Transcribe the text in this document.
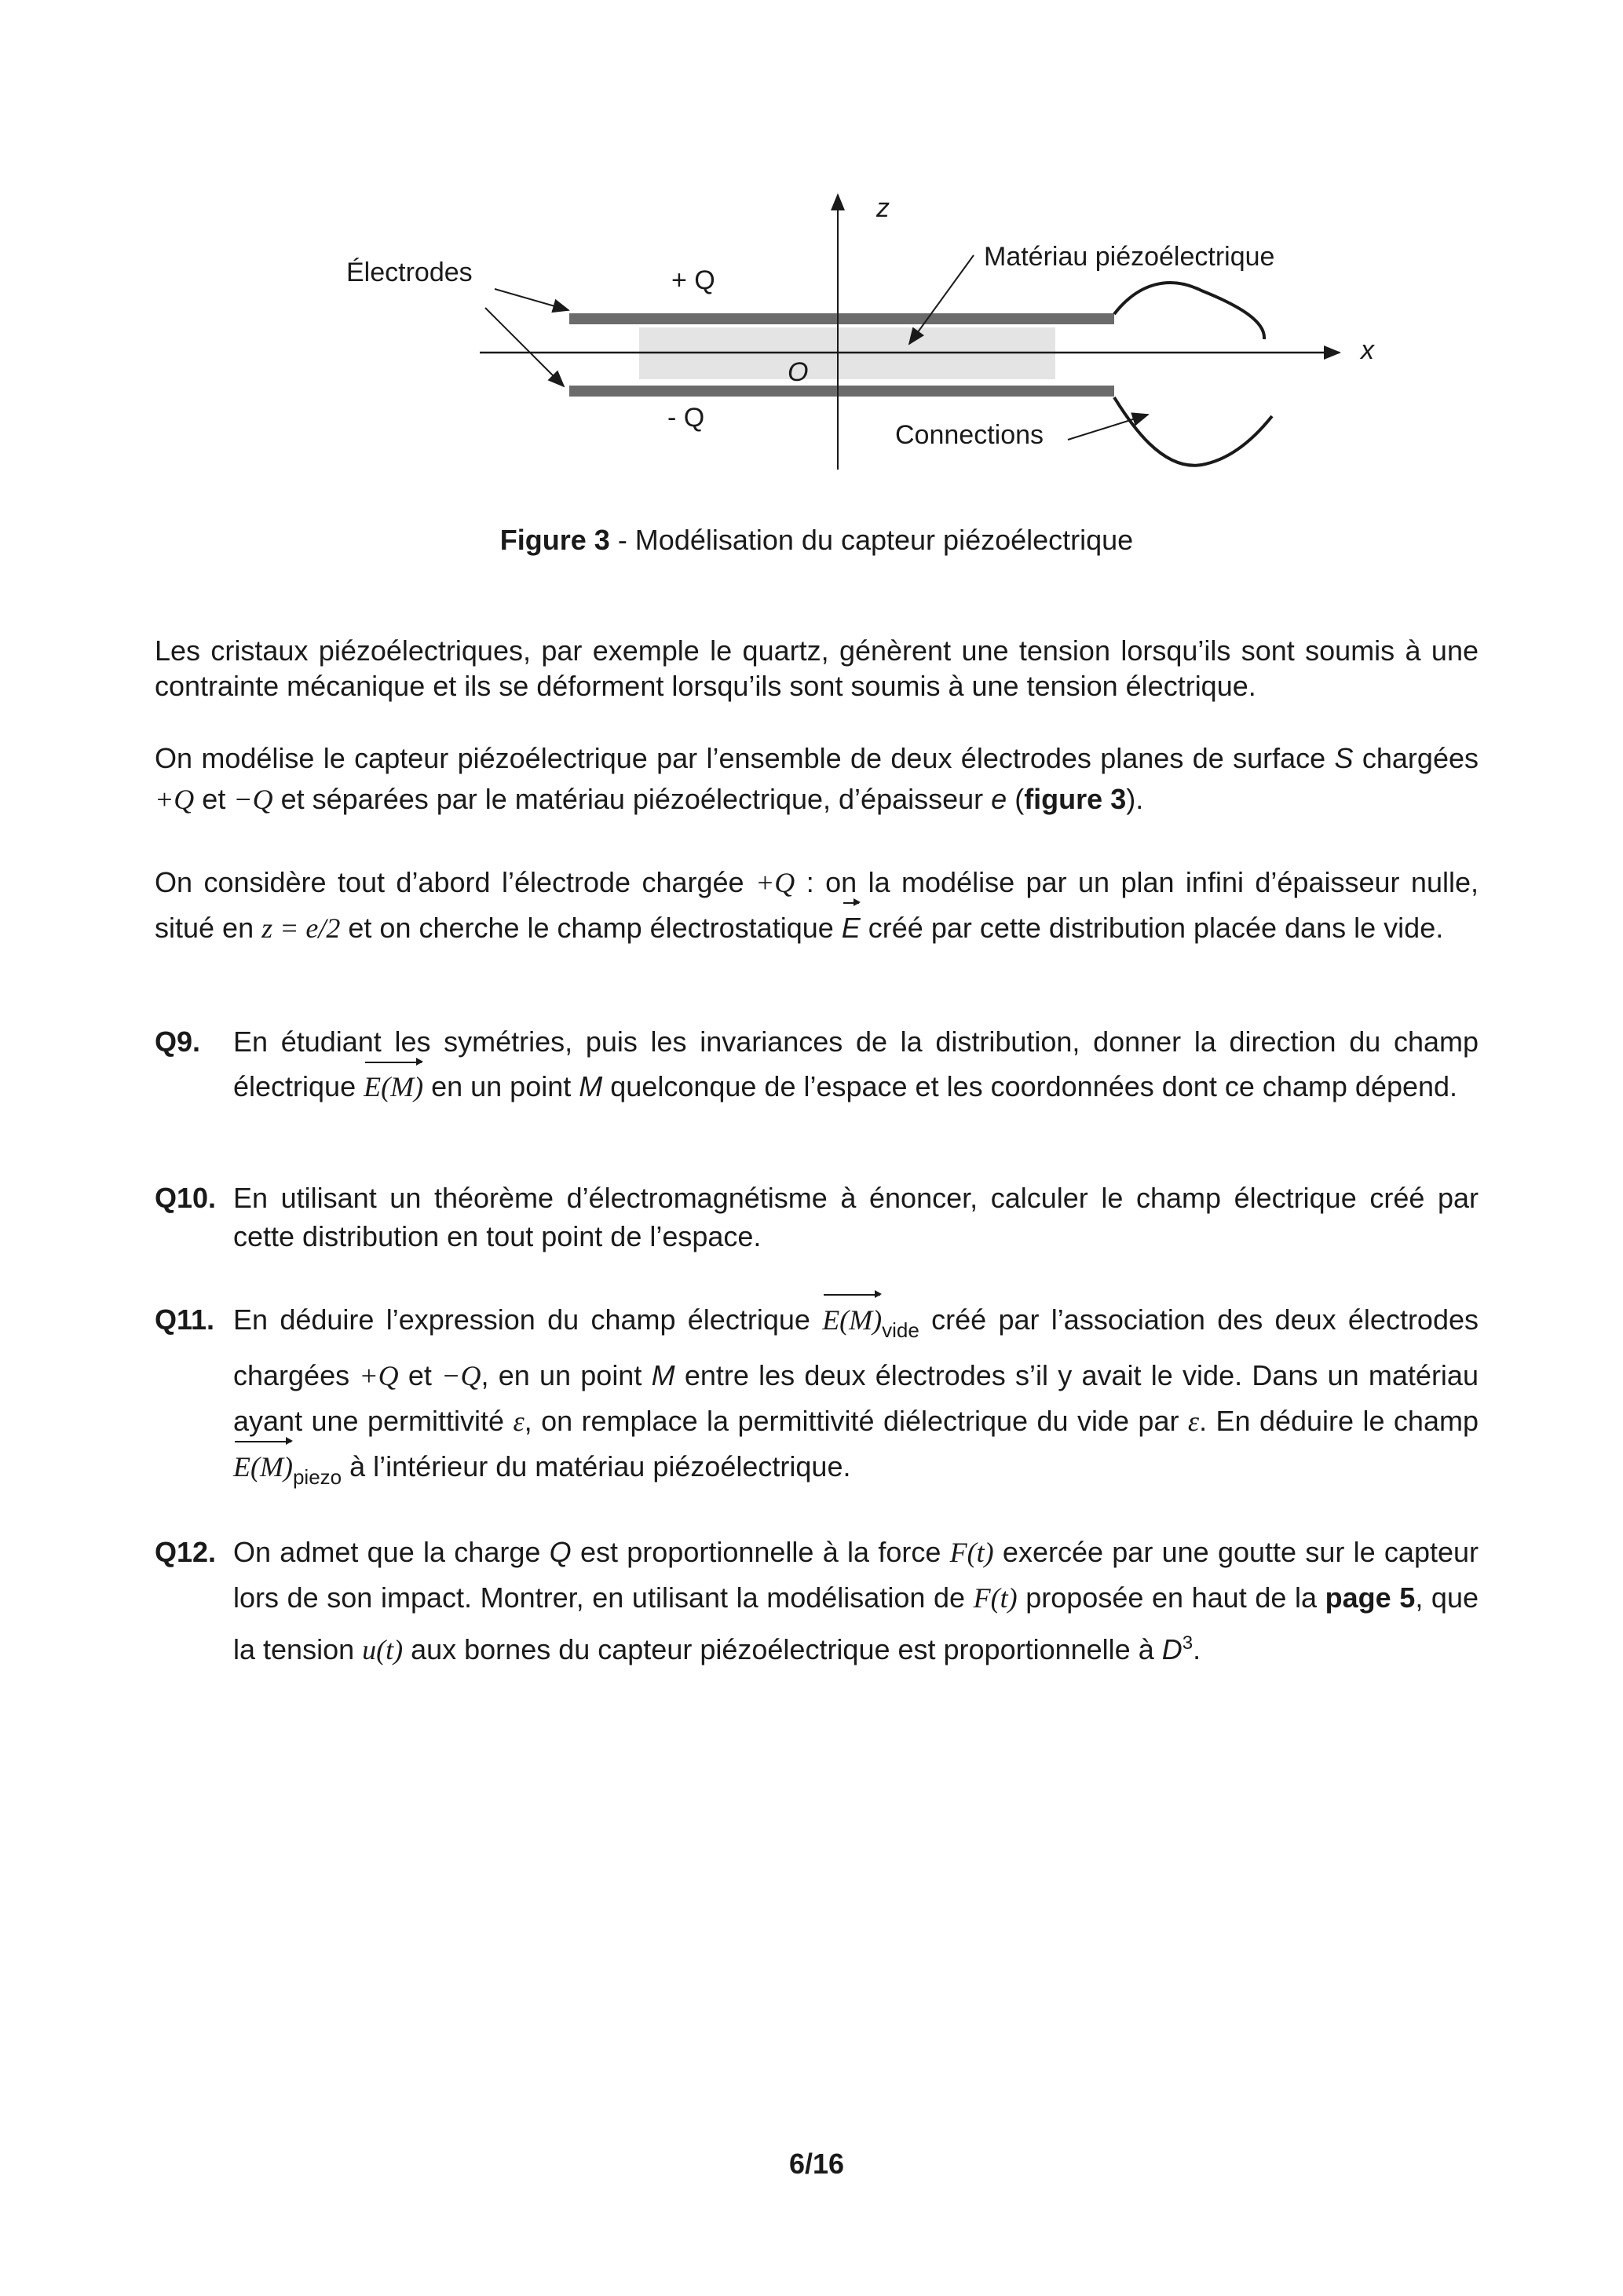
Électrodes	+ Q
Matériau piézoélectrique
O
- Q
Connections
z
x
Figure 3 - Modélisation du capteur piézoélectrique
Les cristaux piézoélectriques, par exemple le quartz, génèrent une tension lorsqu’ils sont soumis à une contrainte mécanique et ils se déforment lorsqu’ils sont soumis à une tension électrique.
On modélise le capteur piézoélectrique par l’ensemble de deux électrodes planes de surface S chargées +Q et −Q et séparées par le matériau piézoélectrique, d’épaisseur e (figure 3).
On considère tout d’abord l’électrode chargée +Q : on la modélise par un plan infini d’épaisseur nulle, situé en z = e/2 et on cherche le champ électrostatique E créé par cette distribution placée dans le vide.
Q9. En étudiant les symétries, puis les invariances de la distribution, donner la direction du champ électrique E(M) en un point M quelconque de l’espace et les coordonnées dont ce champ dépend.
Q10. En utilisant un théorème d’électromagnétisme à énoncer, calculer le champ électrique créé par cette distribution en tout point de l’espace.
Q11. En déduire l’expression du champ électrique $E(M)_{vide}$ créé par l’association des deux électrodes chargées +Q et −Q, en un point M entre les deux électrodes s’il y avait le vide. Dans un matériau ayant une permittivité ε, on remplace la permittivité diélectrique du vide par ε. En déduire le champ $E(M)_{piezo}$ à l’intérieur du matériau piézoélectrique.
Q12. On admet que la charge Q est proportionnelle à la force F(t) exercée par une goutte sur le capteur lors de son impact. Montrer, en utilisant la modélisation de F(t) proposée en haut de la page 5, que la tension u(t) aux bornes du capteur piézoélectrique est proportionnelle à $D^3$.
6/16
